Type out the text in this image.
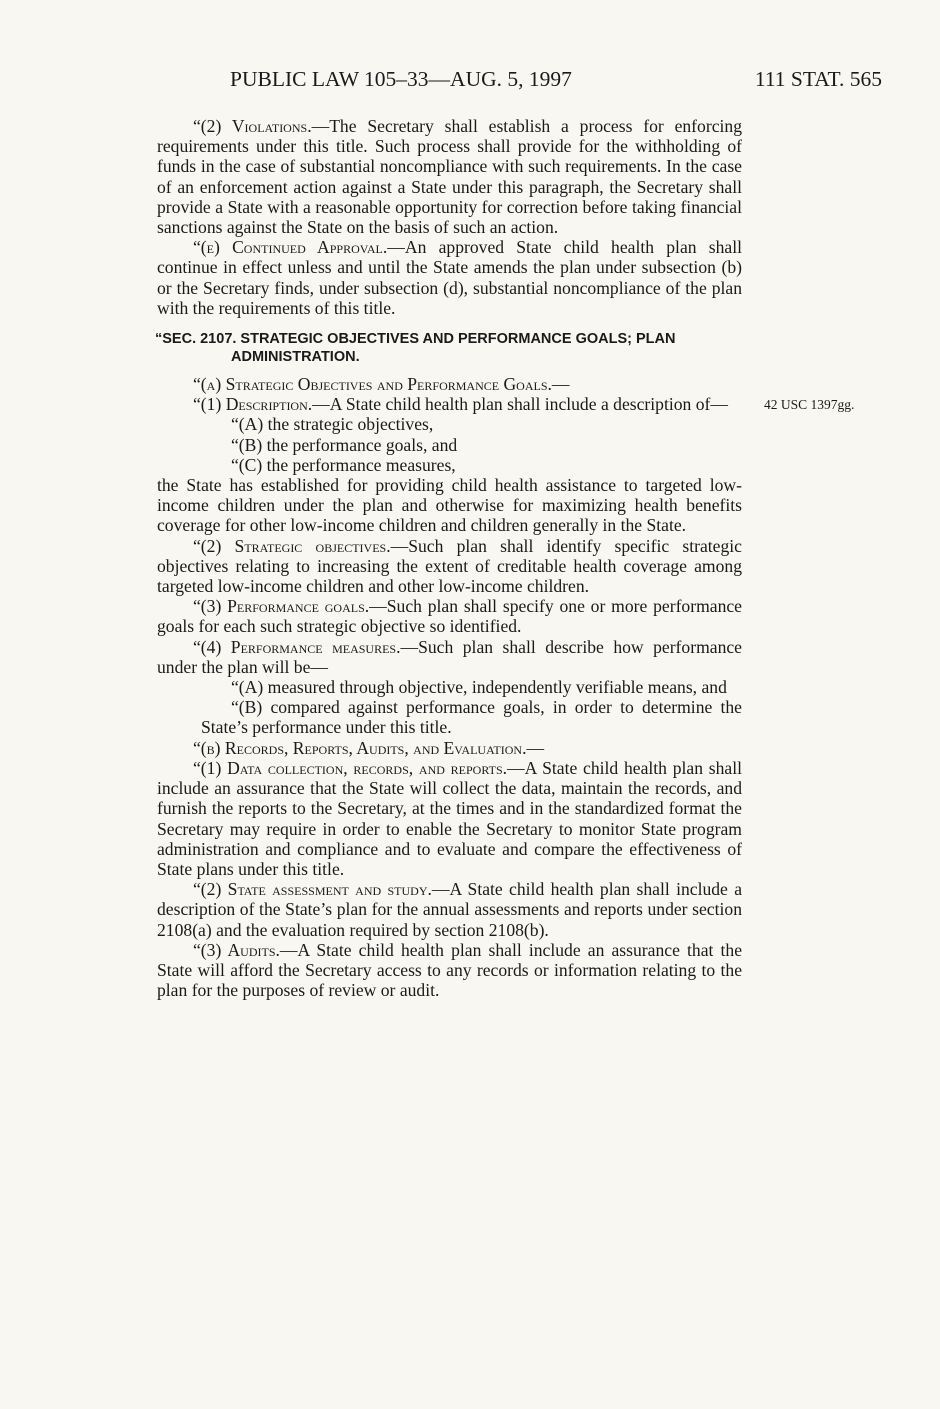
PUBLIC LAW 105–33—AUG. 5, 1997	111 STAT. 565
42 USC 1397gg.

“(2) Violations.—The Secretary shall establish a process for enforcing requirements under this title. Such process shall provide for the withholding of funds in the case of substantial noncompliance with such requirements. In the case of an enforcement action against a State under this paragraph, the Secretary shall provide a State with a reasonable opportunity for correction before taking financial sanctions against the State on the basis of such an action.

“(e) Continued Approval.—An approved State child health plan shall continue in effect unless and until the State amends the plan under subsection (b) or the Secretary finds, under subsection (d), substantial noncompliance of the plan with the requirements of this title.

“SEC. 2107. STRATEGIC OBJECTIVES AND PERFORMANCE GOALS; PLAN ADMINISTRATION.

“(a) Strategic Objectives and Performance Goals.—

“(1) Description.—A State child health plan shall include a description of—

“(A) the strategic objectives,

“(B) the performance goals, and

“(C) the performance measures,

the State has established for providing child health assistance to targeted low-income children under the plan and otherwise for maximizing health benefits coverage for other low-income children and children generally in the State.

“(2) Strategic objectives.—Such plan shall identify specific strategic objectives relating to increasing the extent of creditable health coverage among targeted low-income children and other low-income children.

“(3) Performance goals.—Such plan shall specify one or more performance goals for each such strategic objective so identified.

“(4) Performance measures.—Such plan shall describe how performance under the plan will be—

“(A) measured through objective, independently verifiable means, and

“(B) compared against performance goals, in order to determine the State’s performance under this title.

“(b) Records, Reports, Audits, and Evaluation.—

“(1) Data collection, records, and reports.—A State child health plan shall include an assurance that the State will collect the data, maintain the records, and furnish the reports to the Secretary, at the times and in the standardized format the Secretary may require in order to enable the Secretary to monitor State program administration and compliance and to evaluate and compare the effectiveness of State plans under this title.

“(2) State assessment and study.—A State child health plan shall include a description of the State’s plan for the annual assessments and reports under section 2108(a) and the evaluation required by section 2108(b).

“(3) Audits.—A State child health plan shall include an assurance that the State will afford the Secretary access to any records or information relating to the plan for the purposes of review or audit.
